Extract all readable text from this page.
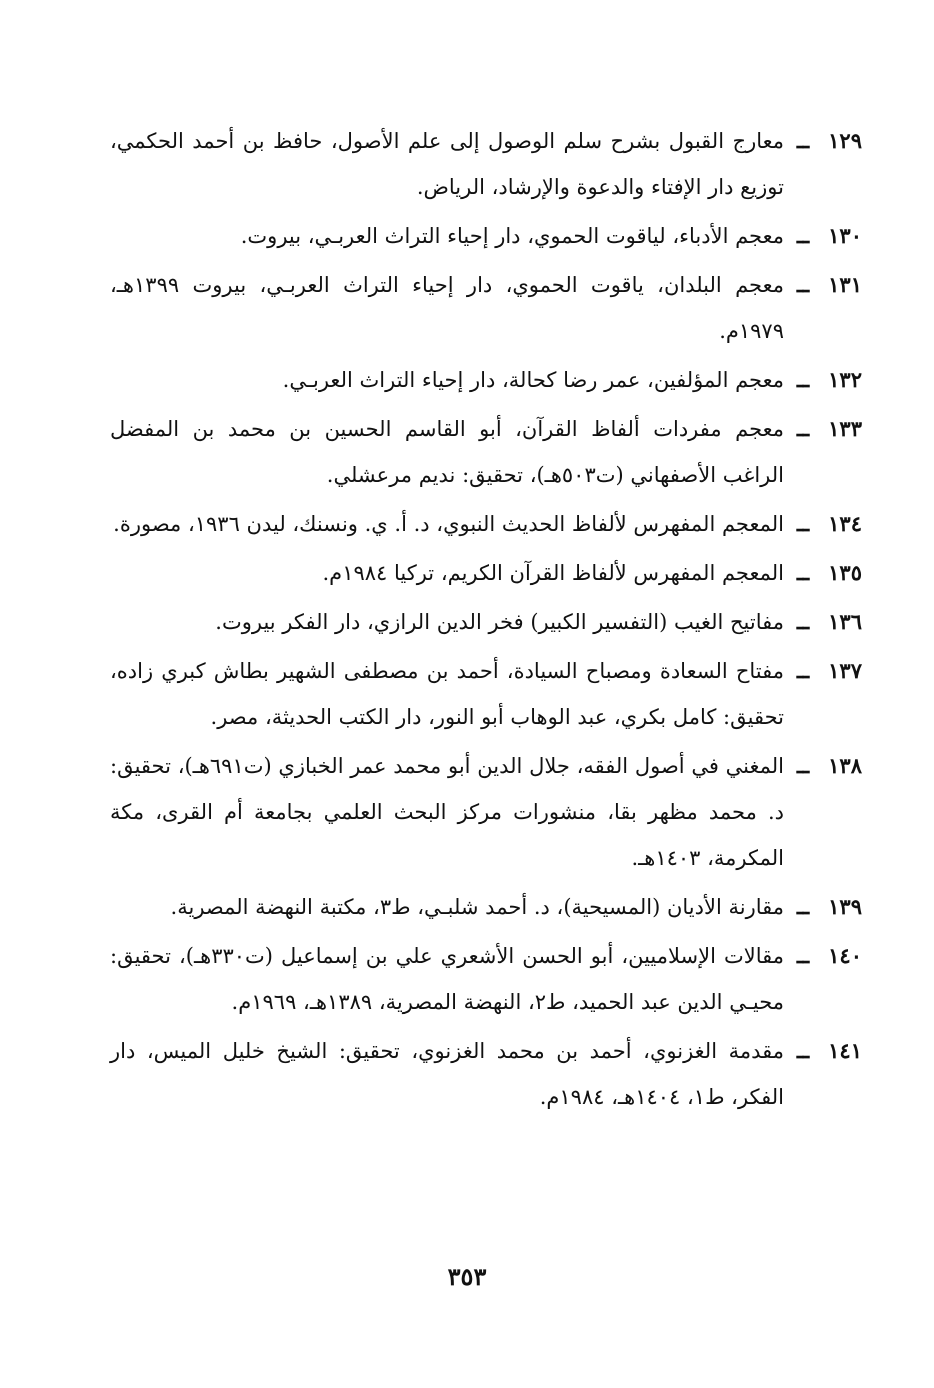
١٢٩
ــ
معارج القبول بشرح سلم الوصول إلى علم الأصول، حافظ بن أحمد الحكمي، توزيع دار الإفتاء والدعوة والإرشاد، الرياض.
١٣٠
ــ
معجم الأدباء، لياقوت الحموي، دار إحياء التراث العربـي، بيروت.
١٣١
ــ
معجم البلدان، ياقوت الحموي، دار إحياء التراث العربـي، بيروت ١٣٩٩هـ، ١٩٧٩م.
١٣٢
ــ
معجم المؤلفين، عمر رضا كحالة، دار إحياء التراث العربـي.
١٣٣
ــ
معجم مفردات ألفاظ القرآن، أبو القاسم الحسين بن محمد بن المفضل الراغب الأصفهاني (ت٥٠٣هـ)، تحقيق: نديم مرعشلي.
١٣٤
ــ
المعجم المفهرس لألفاظ الحديث النبوي، د. أ. ي. ونسنك، ليدن ١٩٣٦، مصورة.
١٣٥
ــ
المعجم المفهرس لألفاظ القرآن الكريم، تركيا ١٩٨٤م.
١٣٦
ــ
مفاتيح الغيب (التفسير الكبير) فخر الدين الرازي، دار الفكر بيروت.
١٣٧
ــ
مفتاح السعادة ومصباح السيادة، أحمد بن مصطفى الشهير بطاش كبري زاده، تحقيق: كامل بكري، عبد الوهاب أبو النور، دار الكتب الحديثة، مصر.
١٣٨
ــ
المغني في أصول الفقه، جلال الدين أبو محمد عمر الخبازي (ت٦٩١هـ)، تحقيق: د. محمد مظهر بقا، منشورات مركز البحث العلمي بجامعة أم القرى، مكة المكرمة، ١٤٠٣هـ.
١٣٩
ــ
مقارنة الأديان (المسيحية)، د. أحمد شلبـي، ط٣، مكتبة النهضة المصرية.
١٤٠
ــ
مقالات الإسلاميين، أبو الحسن الأشعري علي بن إسماعيل (ت٣٣٠هـ)، تحقيق: محيـي الدين عبد الحميد، ط٢، النهضة المصرية، ١٣٨٩هـ، ١٩٦٩م.
١٤١
ــ
مقدمة الغزنوي، أحمد بن محمد الغزنوي، تحقيق: الشيخ خليل الميس، دار الفكر، ط١، ١٤٠٤هـ، ١٩٨٤م.
٣٥٣
